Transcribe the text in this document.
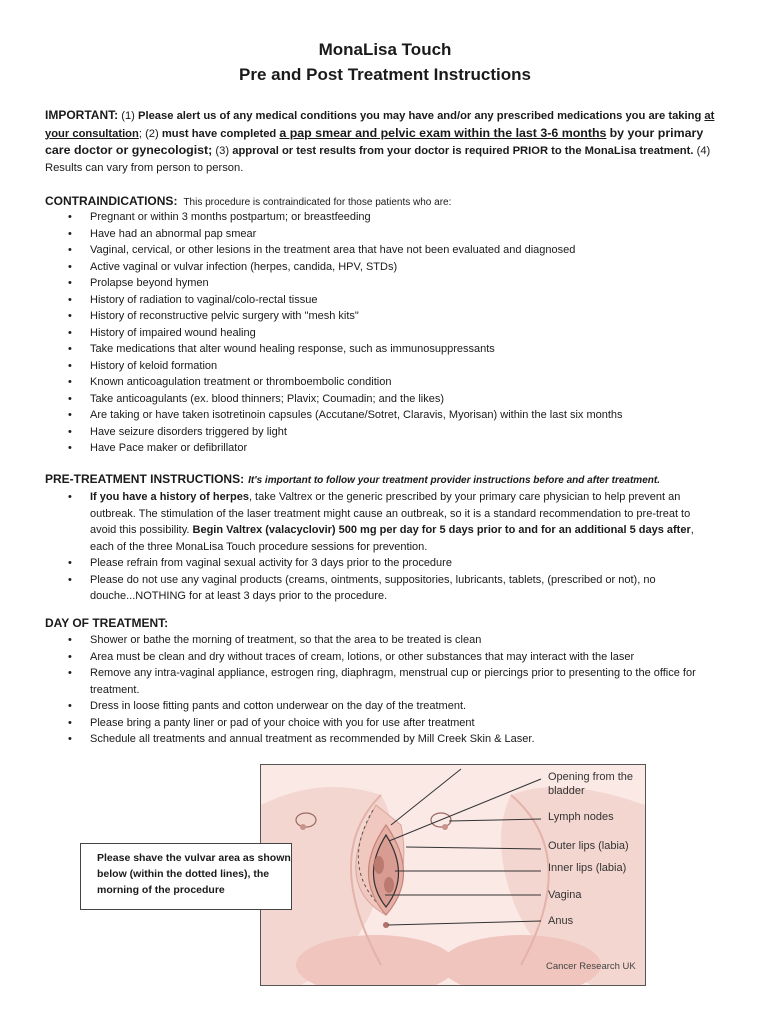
MonaLisa Touch
Pre and Post Treatment Instructions
IMPORTANT: (1) Please alert us of any medical conditions you may have and/or any prescribed medications you are taking at your consultation; (2) must have completed a pap smear and pelvic exam within the last 3-6 months by your primary care doctor or gynecologist; (3) approval or test results from your doctor is required PRIOR to the MonaLisa treatment. (4) Results can vary from person to person.
CONTRAINDICATIONS: This procedure is contraindicated for those patients who are:
• Pregnant or within 3 months postpartum; or breastfeeding
• Have had an abnormal pap smear
• Vaginal, cervical, or other lesions in the treatment area that have not been evaluated and diagnosed
• Active vaginal or vulvar infection (herpes, candida, HPV, STDs)
• Prolapse beyond hymen
• History of radiation to vaginal/colo-rectal tissue
• History of reconstructive pelvic surgery with "mesh kits"
• History of impaired wound healing
• Take medications that alter wound healing response, such as immunosuppressants
• History of keloid formation
• Known anticoagulation treatment or thromboembolic condition
• Take anticoagulants (ex. blood thinners; Plavix; Coumadin; and the likes)
• Are taking or have taken isotretinoin capsules (Accutane/Sotret, Claravis, Myorisan) within the last six months
• Have seizure disorders triggered by light
• Have Pace maker or defibrillator
PRE-TREATMENT INSTRUCTIONS: It's important to follow your treatment provider instructions before and after treatment.
• If you have a history of herpes, take Valtrex or the generic prescribed by your primary care physician to help prevent an outbreak. The stimulation of the laser treatment might cause an outbreak, so it is a standard recommendation to pre-treat to avoid this possibility. Begin Valtrex (valacyclovir) 500 mg per day for 5 days prior to and for an additional 5 days after, each of the three MonaLisa Touch procedure sessions for prevention.
• Please refrain from vaginal sexual activity for 3 days prior to the procedure
• Please do not use any vaginal products (creams, ointments, suppositories, lubricants, tablets, (prescribed or not), no douche...NOTHING for at least 3 days prior to the procedure.
DAY OF TREATMENT:
• Shower or bathe the morning of treatment, so that the area to be treated is clean
• Area must be clean and dry without traces of cream, lotions, or other substances that may interact with the laser
• Remove any intra-vaginal appliance, estrogen ring, diaphragm, menstrual cup or piercings prior to presenting to the office for treatment.
• Dress in loose fitting pants and cotton underwear on the day of the treatment.
• Please bring a panty liner or pad of your choice with you for use after treatment
• Schedule all treatments and annual treatment as recommended by Mill Creek Skin & Laser.
Opening from the bladder
Lymph nodes
Outer lips (labia)
Inner lips (labia)
Vagina
Anus
Please shave the vulvar area as shown below (within the dotted lines), the morning of the procedure
Cancer Research UK
